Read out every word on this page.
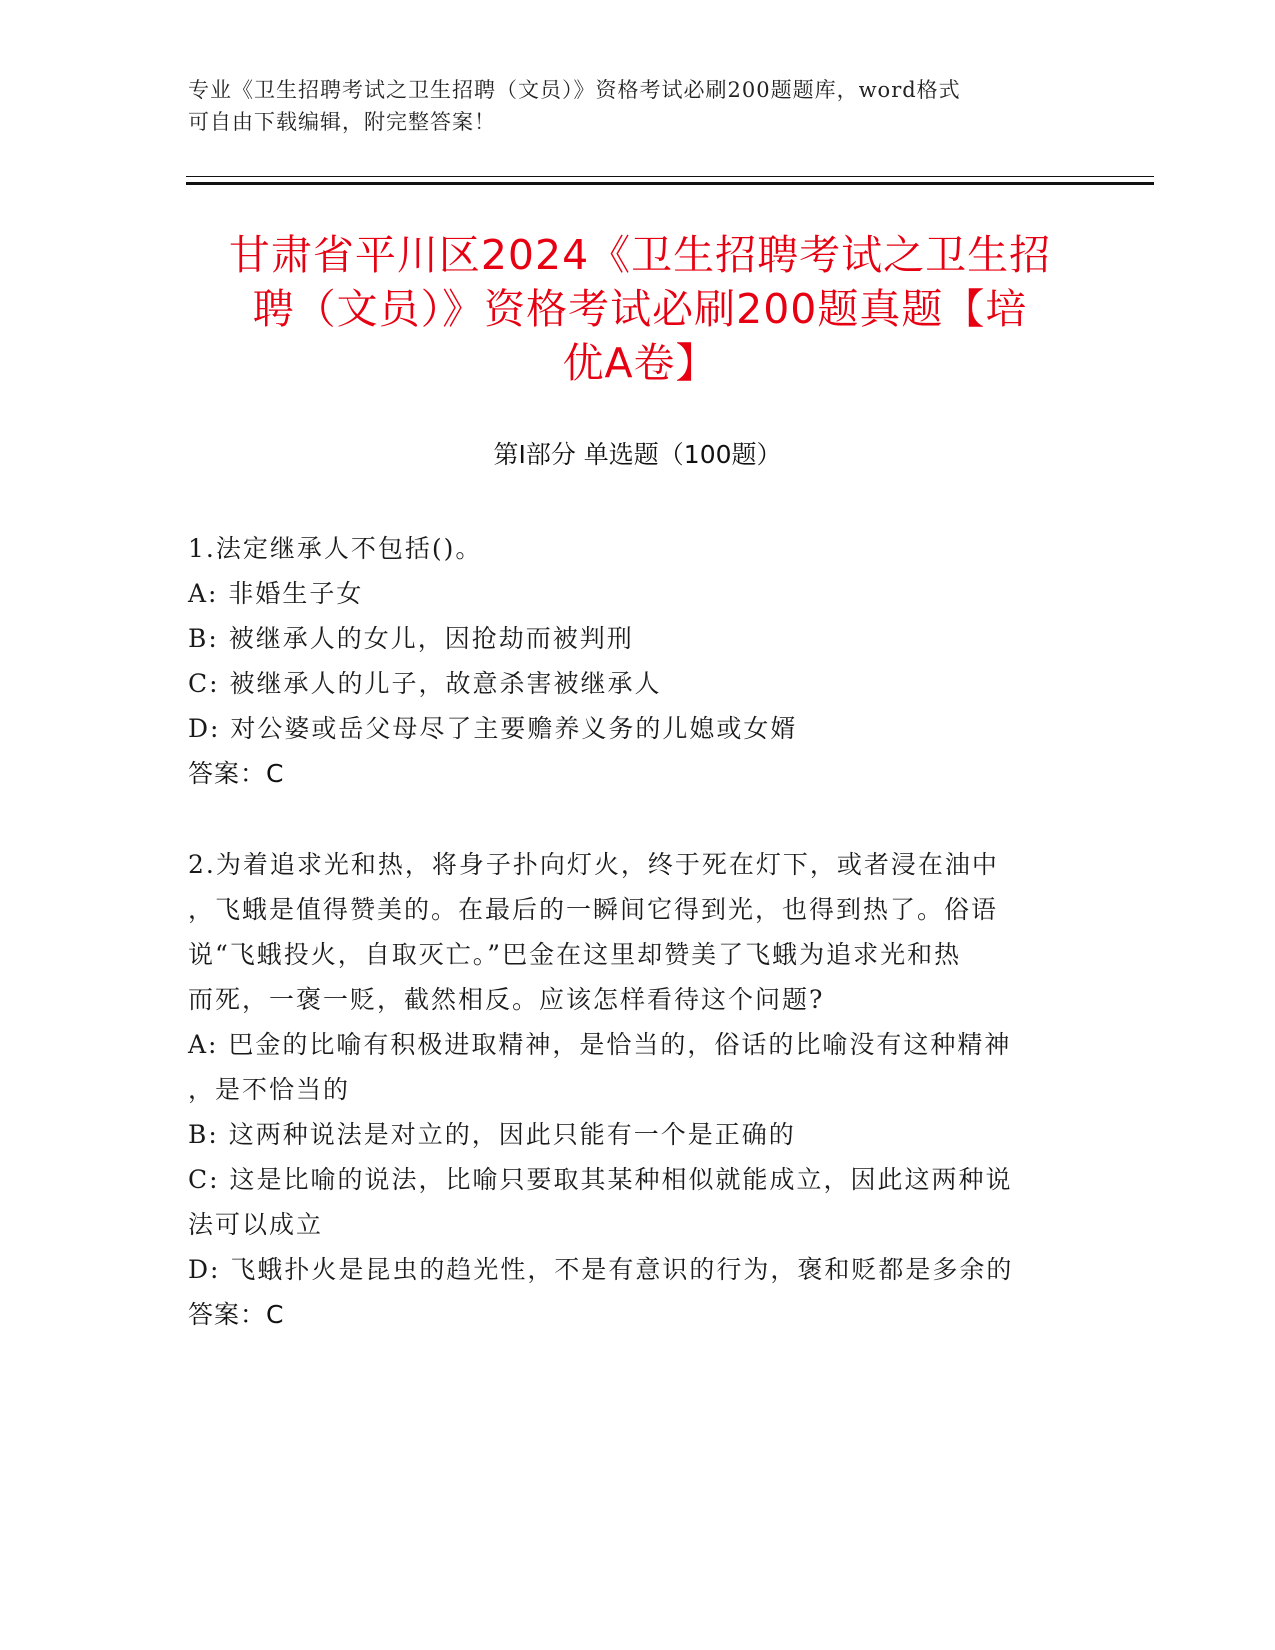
专业《卫生招聘考试之卫生招聘（文员）》资格考试必刷200题题库，word格式
可自由下载编辑，附完整答案！
甘肃省平川区2024《卫生招聘考试之卫生招
聘（文员）》资格考试必刷200题真题【培
优A卷】
第Ⅰ部分 单选题（100题）
1.法定继承人不包括()。
A: 非婚生子女
B: 被继承人的女儿，因抢劫而被判刑
C: 被继承人的儿子，故意杀害被继承人
D: 对公婆或岳父母尽了主要赡养义务的儿媳或女婿
答案：C
2.为着追求光和热，将身子扑向灯火，终于死在灯下，或者浸在油中
，飞蛾是值得赞美的。在最后的一瞬间它得到光，也得到热了。俗语
说“飞蛾投火，自取灭亡。”巴金在这里却赞美了飞蛾为追求光和热
而死，一褒一贬，截然相反。应该怎样看待这个问题?
A: 巴金的比喻有积极进取精神，是恰当的，俗话的比喻没有这种精神
，是不恰当的
B: 这两种说法是对立的，因此只能有一个是正确的
C: 这是比喻的说法，比喻只要取其某种相似就能成立，因此这两种说
法可以成立
D: 飞蛾扑火是昆虫的趋光性，不是有意识的行为，褒和贬都是多余的
答案：C
